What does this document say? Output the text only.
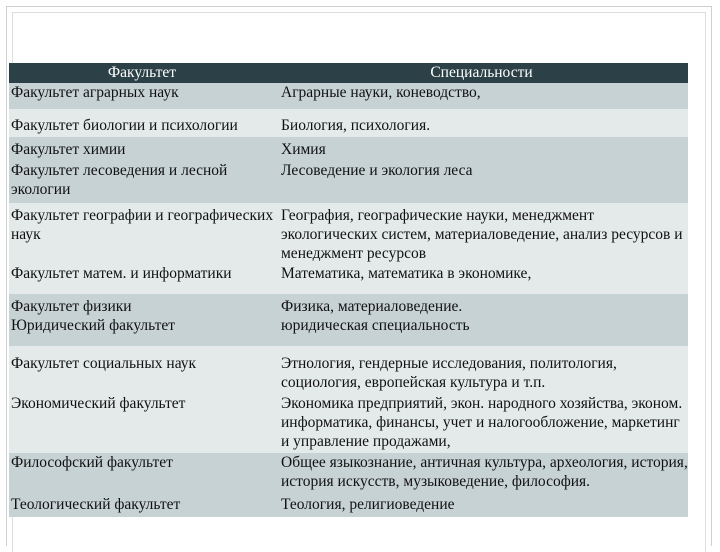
Факультет	Специальности
Факультет аграрных наук	Аграрные науки, коневодство,
Факультет биологии и психологии	Биология, психология.
Факультет химии	Химия
Факультет лесоведения и лесной экологии	Лесоведение и экология леса
Факультет географии и географических наук	География, географические науки, менеджмент экологических систем, материаловедение, анализ ресурсов и менеджмент ресурсов
Факультет матем. и информатики	Математика, математика в экономике,
Факультет физики	Физика, материаловедение.
Юридический факультет	юридическая специальность
Факультет социальных наук	Этнология, гендерные исследования, политология, социология, европейская культура и т.п.
Экономический факультет	Экономика предприятий, экон. народного хозяйства, эконом. информатика, финансы, учет и налогообложение, маркетинг и управление продажами,
Философский факультет	Общее языкознание, античная культура, археология, история, история искусств, музыковедение, философия.
Теологический факультет	Теология, религиоведение
